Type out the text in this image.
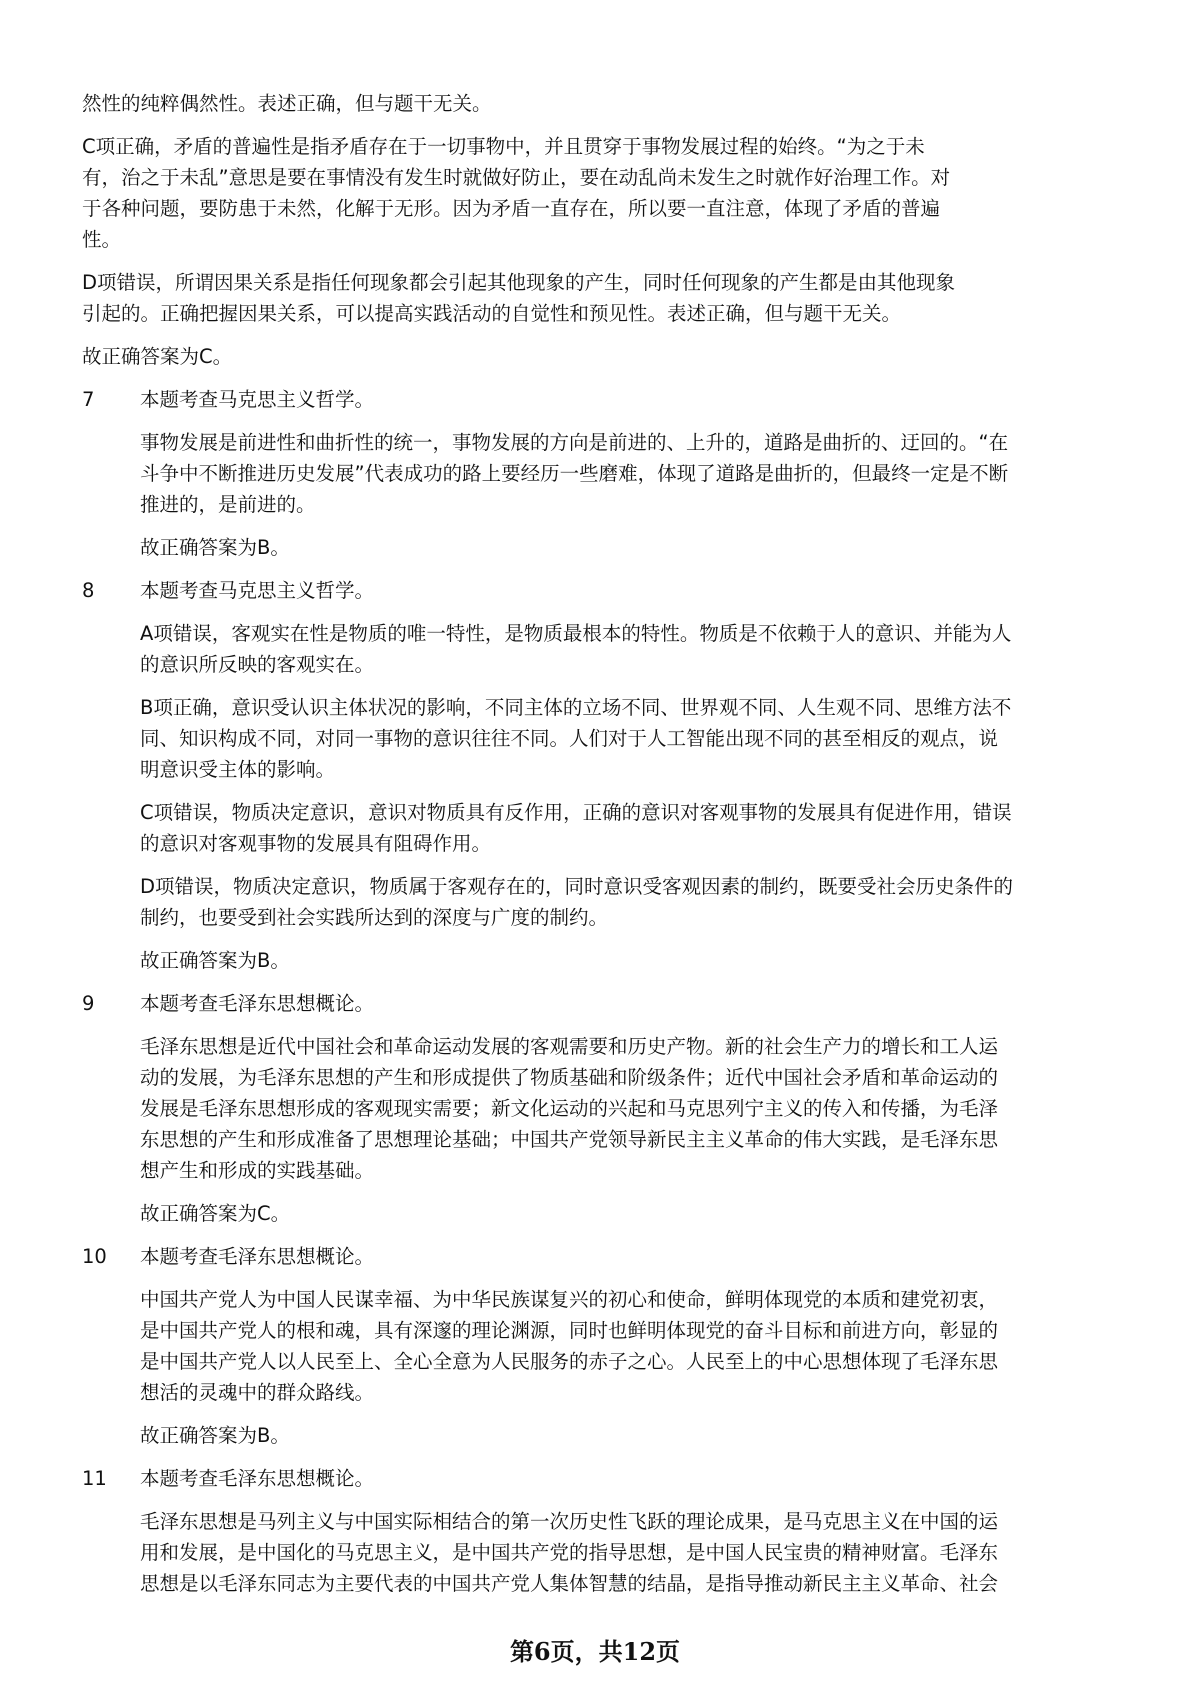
然性的纯粹偶然性。表述正确，但与题干无关。

C项正确，矛盾的普遍性是指矛盾存在于一切事物中，并且贯穿于事物发展过程的始终。“为之于未
有，治之于未乱”意思是要在事情没有发生时就做好防止，要在动乱尚未发生之时就作好治理工作。对
于各种问题，要防患于未然，化解于无形。因为矛盾一直存在，所以要一直注意，体现了矛盾的普遍
性。

D项错误，所谓因果关系是指任何现象都会引起其他现象的产生，同时任何现象的产生都是由其他现象
引起的。正确把握因果关系，可以提高实践活动的自觉性和预见性。表述正确，但与题干无关。

故正确答案为C。

7	本题考查马克思主义哲学。

事物发展是前进性和曲折性的统一，事物发展的方向是前进的、上升的，道路是曲折的、迂回的。“在
斗争中不断推进历史发展”代表成功的路上要经历一些磨难，体现了道路是曲折的，但最终一定是不断
推进的，是前进的。

故正确答案为B。

8	本题考查马克思主义哲学。

A项错误，客观实在性是物质的唯一特性，是物质最根本的特性。物质是不依赖于人的意识、并能为人
的意识所反映的客观实在。

B项正确，意识受认识主体状况的影响，不同主体的立场不同、世界观不同、人生观不同、思维方法不
同、知识构成不同，对同一事物的意识往往不同。人们对于人工智能出现不同的甚至相反的观点，说
明意识受主体的影响。

C项错误，物质决定意识，意识对物质具有反作用，正确的意识对客观事物的发展具有促进作用，错误
的意识对客观事物的发展具有阻碍作用。

D项错误，物质决定意识，物质属于客观存在的，同时意识受客观因素的制约，既要受社会历史条件的
制约，也要受到社会实践所达到的深度与广度的制约。

故正确答案为B。

9	本题考查毛泽东思想概论。

毛泽东思想是近代中国社会和革命运动发展的客观需要和历史产物。新的社会生产力的增长和工人运
动的发展，为毛泽东思想的产生和形成提供了物质基础和阶级条件；近代中国社会矛盾和革命运动的
发展是毛泽东思想形成的客观现实需要；新文化运动的兴起和马克思列宁主义的传入和传播，为毛泽
东思想的产生和形成准备了思想理论基础；中国共产党领导新民主主义革命的伟大实践，是毛泽东思
想产生和形成的实践基础。

故正确答案为C。

10	本题考查毛泽东思想概论。

中国共产党人为中国人民谋幸福、为中华民族谋复兴的初心和使命，鲜明体现党的本质和建党初衷，
是中国共产党人的根和魂，具有深邃的理论渊源，同时也鲜明体现党的奋斗目标和前进方向，彰显的
是中国共产党人以人民至上、全心全意为人民服务的赤子之心。人民至上的中心思想体现了毛泽东思
想活的灵魂中的群众路线。

故正确答案为B。

11	本题考查毛泽东思想概论。

毛泽东思想是马列主义与中国实际相结合的第一次历史性飞跃的理论成果，是马克思主义在中国的运
用和发展，是中国化的马克思主义，是中国共产党的指导思想，是中国人民宝贵的精神财富。毛泽东
思想是以毛泽东同志为主要代表的中国共产党人集体智慧的结晶，是指导推动新民主主义革命、社会

第6页，共12页
